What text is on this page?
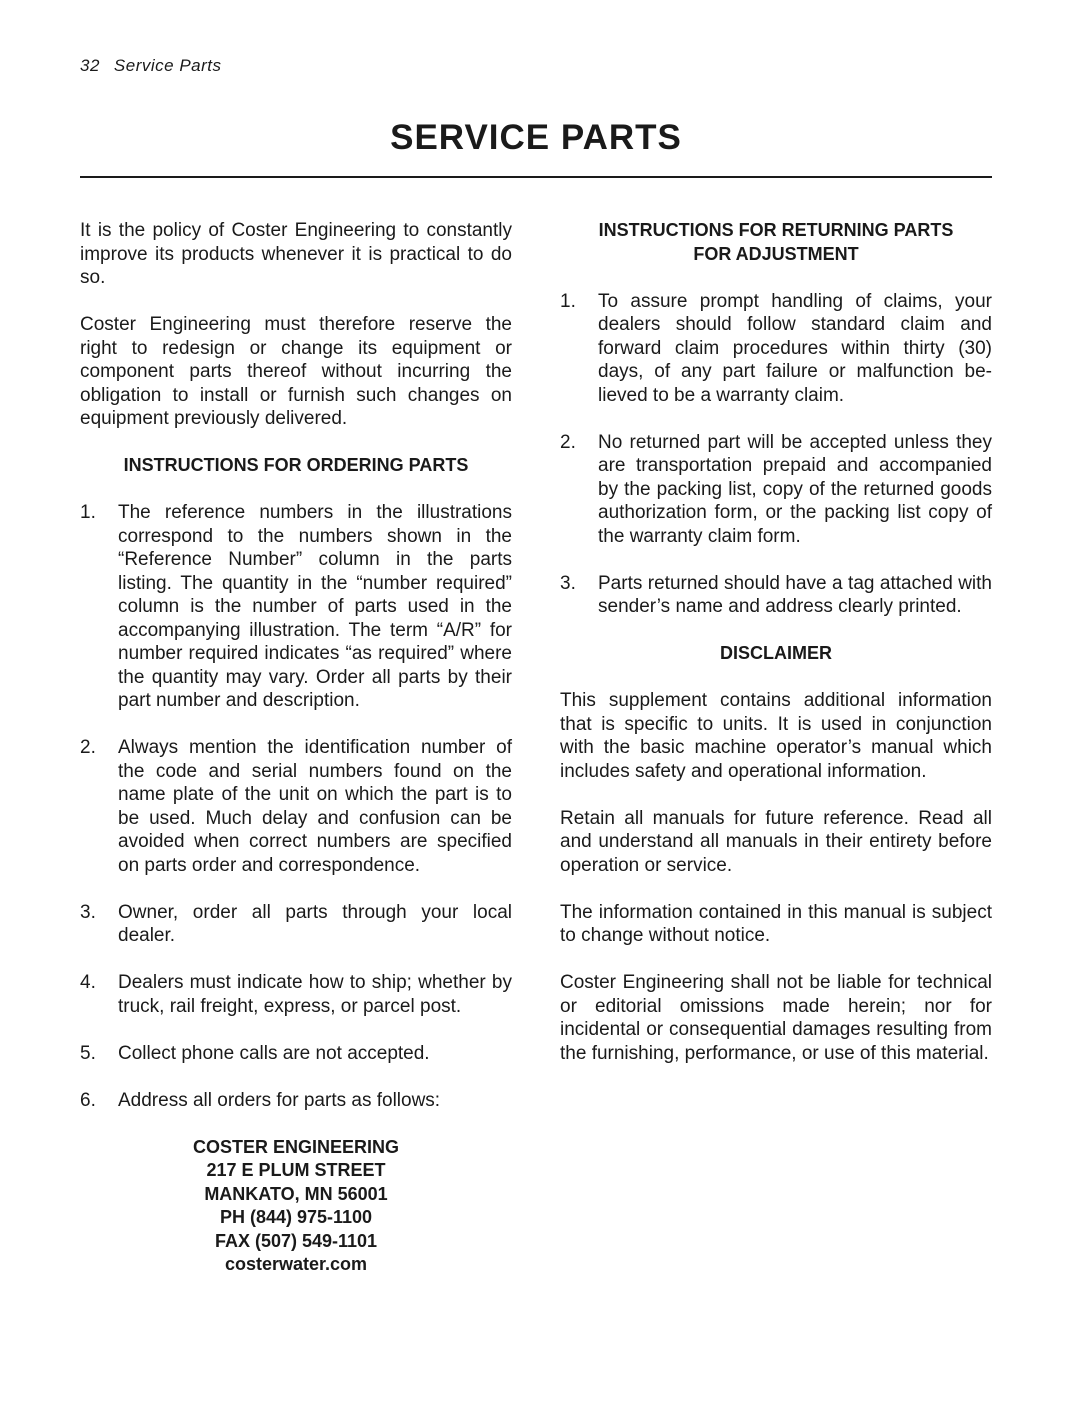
32 Service Parts
SERVICE PARTS

It is the policy of Coster Engineering to constantly improve its products whenever it is practical to do so.

Coster Engineering must therefore reserve the right to redesign or change its equipment or component parts thereof without incurring the obligation to install or furnish such changes on equipment previously delivered.

INSTRUCTIONS FOR ORDERING PARTS
1. The reference numbers in the illustrations correspond to the numbers shown in the “Reference Number” column in the parts listing. The quantity in the “number required” column is the number of parts used in the accompanying illustration. The term “A/R” for number required indicates “as required” where the quantity may vary. Order all parts by their part number and description.
2. Always mention the identification number of the code and serial numbers found on the name plate of the unit on which the part is to be used. Much delay and confusion can be avoided when correct numbers are specified on parts order and correspondence.
3. Owner, order all parts through your local dealer.
4. Dealers must indicate how to ship; whether by truck, rail freight, express, or parcel post.
5. Collect phone calls are not accepted.
6. Address all orders for parts as follows:
COSTER ENGINEERING
217 E PLUM STREET
MANKATO, MN 56001
PH (844) 975-1100
FAX (507) 549-1101
costerwater.com
INSTRUCTIONS FOR RETURNING PARTS
FOR ADJUSTMENT
1. To assure prompt handling of claims, your dealers should follow standard claim and forward claim procedures within thirty (30) days, of any part failure or malfunction believed to be a warranty claim.
2. No returned part will be accepted unless they are transportation prepaid and accompanied by the packing list, copy of the returned goods authorization form, or the packing list copy of the warranty claim form.
3. Parts returned should have a tag attached with sender’s name and address clearly printed.
DISCLAIMER

This supplement contains additional information that is specific to units. It is used in conjunction with the basic machine operator’s manual which includes safety and operational information.

Retain all manuals for future reference. Read all and understand all manuals in their entirety before operation or service.

The information contained in this manual is subject to change without notice.

Coster Engineering shall not be liable for technical or editorial omissions made herein; nor for incidental or consequential damages resulting from the furnishing, performance, or use of this material.
